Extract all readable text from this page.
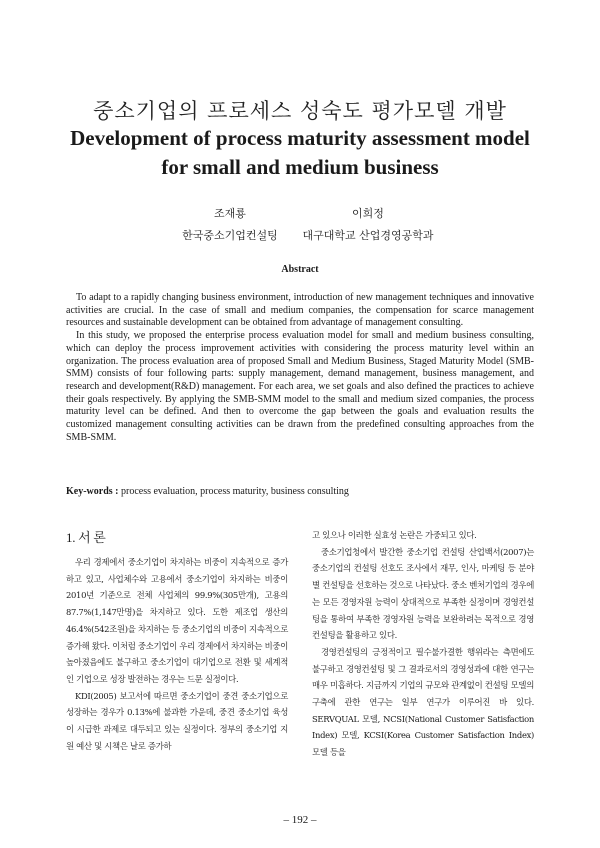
중소기업의 프로세스 성숙도 평가모델 개발
Development of process maturity assessment model
for small and medium business
조재룡
한국중소기업컨설팅
이희정
대구대학교 산업경영공학과
Abstract

To adapt to a rapidly changing business environment, introduction of new management techniques and innovative activities are crucial. In the case of small and medium companies, the compensation for scarce management resources and sustainable development can be obtained from advantage of management consulting.

In this study, we proposed the enterprise process evaluation model for small and medium business consulting, which can deploy the process improvement activities with considering the process maturity level within an organization. The process evaluation area of proposed Small and Medium Business, Staged Maturity Model (SMB-SMM) consists of four following parts: supply management, demand management, business management, and research and development(R&D) management. For each area, we set goals and also defined the practices to achieve their goals respectively. By applying the SMB-SMM model to the small and medium sized companies, the process maturity level can be defined. And then to overcome the gap between the goals and evaluation results the customized management consulting activities can be drawn from the predefined consulting approaches from the SMB-SMM.

Key-words : process evaluation, process maturity, business consulting
1. 서 론

우리 경제에서 중소기업이 차지하는 비중이 지속적으로 증가하고 있고, 사업체수와 고용에서 중소기업이 차지하는 비중이 2010년 기준으로 전체 사업체의 99.9%(305만개), 고용의 87.7%(1,147만명)을 차지하고 있다. 도한 제조업 생산의 46.4%(542조원)을 차지하는 등 중소기업의 비중이 지속적으로 증가해 왔다. 이처럼 중소기업이 우리 경제에서 차지하는 비중이 높아졌음에도 불구하고 중소기업이 대기업으로 전환 및 세계적인 기업으로 성장 발전하는 경우는 드문 실정이다.

KDI(2005) 보고서에 따르면 중소기업이 중견 중소기업으로 성장하는 경우가 0.13%에 불과한 가운데, 중견 중소기업 육성이 시급한 과제로 대두되고 있는 실정이다. 정부의 중소기업 지원 예산 및 시책은 날로 증가하

고 있으나 이러한 실효성 논란은 가중되고 있다.

중소기업청에서 발간한 중소기업 컨설팅 산업백서(2007)는 중소기업의 컨설팅 선호도 조사에서 재무, 인사, 마케팅 등 분야별 컨설팅을 선호하는 것으로 나타났다. 중소 벤처기업의 경우에는 모든 경영자원 능력이 상대적으로 부족한 실정이며 경영컨설팅을 통하여 부족한 경영자원 능력을 보완하려는 목적으로 경영컨설팅을 활용하고 있다.

경영컨설팅의 긍정적이고 필수불가결한 행위라는 측면에도 불구하고 경영컨설팅 및 그 결과로서의 경영성과에 대한 연구는 매우 미흡하다. 지금까지 기업의 규모와 관계없이 컨설팅 모델의 구축에 관한 연구는 일부 연구가 이루어진 바 있다. SERVQUAL 모델, NCSI(National Customer Satisfaction Index) 모델, KCSI(Korea Customer Satisfaction Index) 모델 등을

– 192 –
